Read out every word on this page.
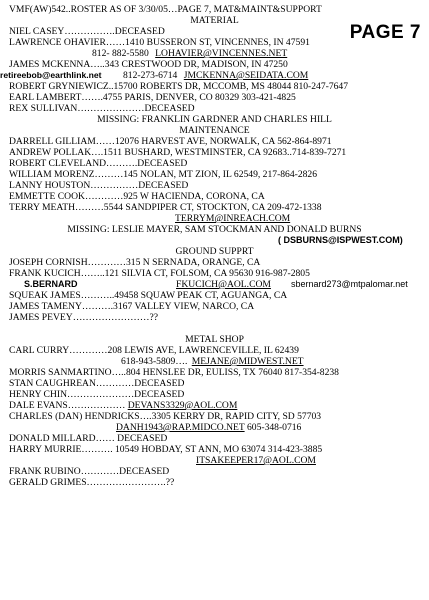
PAGE 7
VMF(AW)542..ROSTER AS OF 3/30/05…PAGE 7, MAT&MAINT&SUPPORT
MATERIAL
NIEL CASEY…………….DECEASED
LAWRENCE OHAVIER……1410 BUSSERON ST, VINCENNES, IN 47591
812- 882-5580 LOHAVIER@VINCENNES.NET
JAMES MCKENNA…..343 CRESTWOOD DR, MADISON, IN 47250
retireebob@earthlink.net 812-273-6714 JMCKENNA@SEIDATA.COM
ROBERT GRYNIEWICZ..15700 ROBERTS DR, MCCOMB, MS 48044 810-247-7647
EARL LAMBERT…….4755 PARIS, DENVER, CO 80329 303-421-4825
REX SULLIVAN…………………DECEASED
MISSING: FRANKLIN GARDNER AND CHARLES HILL
MAINTENANCE
DARRELL GILLIAM……12076 HARVEST AVE, NORWALK, CA 562-864-8971
ANDREW POLLAK….1511 BUSHARD, WESTMINSTER, CA 92683..714-839-7271
ROBERT CLEVELAND……….DECEASED
WILLIAM MORENZ………145 NOLAN, MT ZION, IL 62549, 217-864-2826
LANNY HOUSTON……………DECEASED
EMMETTE COOK…………925 W HACIENDA, CORONA, CA
TERRY MEATH………5544 SANDPIPER CT, STOCKTON, CA 209-472-1338
TERRYM@INREACH.COM
MISSING: LESLIE MAYER, SAM STOCKMAN AND DONALD BURNS
( DSBURNS@ISPWEST.COM)
GROUND SUPPRT
JOSEPH CORNISH…………315 N SERNADA, ORANGE, CA
FRANK KUCICH……..121 SILVIA CT, FOLSOM, CA 95630 916-987-2805
S.BERNARD	FKUCICH@AOL.COM sbernard273@mtpalomar.net
SQUEAK JAMES………..49458 SQUAW PEAK CT, AGUANGA, CA
JAMES TAMENY……….3167 VALLEY VIEW, NARCO, CA
JAMES PEVEY……………………??
METAL SHOP
CARL CURRY…………208 LEWIS AVE, LAWRENCEVILLE, IL 62439
618-943-5809…. MEJANE@MIDWEST.NET
MORRIS SANMARTINO…..804 HENSLEE DR, EULISS, TX 76040 817-354-8238
STAN CAUGHREAN…………DECEASED
HENRY CHIN…………………DECEASED
DALE EVANS……………… DEVANS3329@AOL.COM
CHARLES (DAN) HENDRICKS….3305 KERRY DR, RAPID CITY, SD 57703
DANH1943@RAP.MIDCO.NET 605-348-0716
DONALD MILLARD…… DECEASED
HARRY MURRIE………. 10549 HOBDAY, ST ANN, MO 63074 314-423-3885
ITSAKEEPER17@AOL.COM
FRANK RUBINO…………DECEASED
GERALD GRIMES…………………….??
